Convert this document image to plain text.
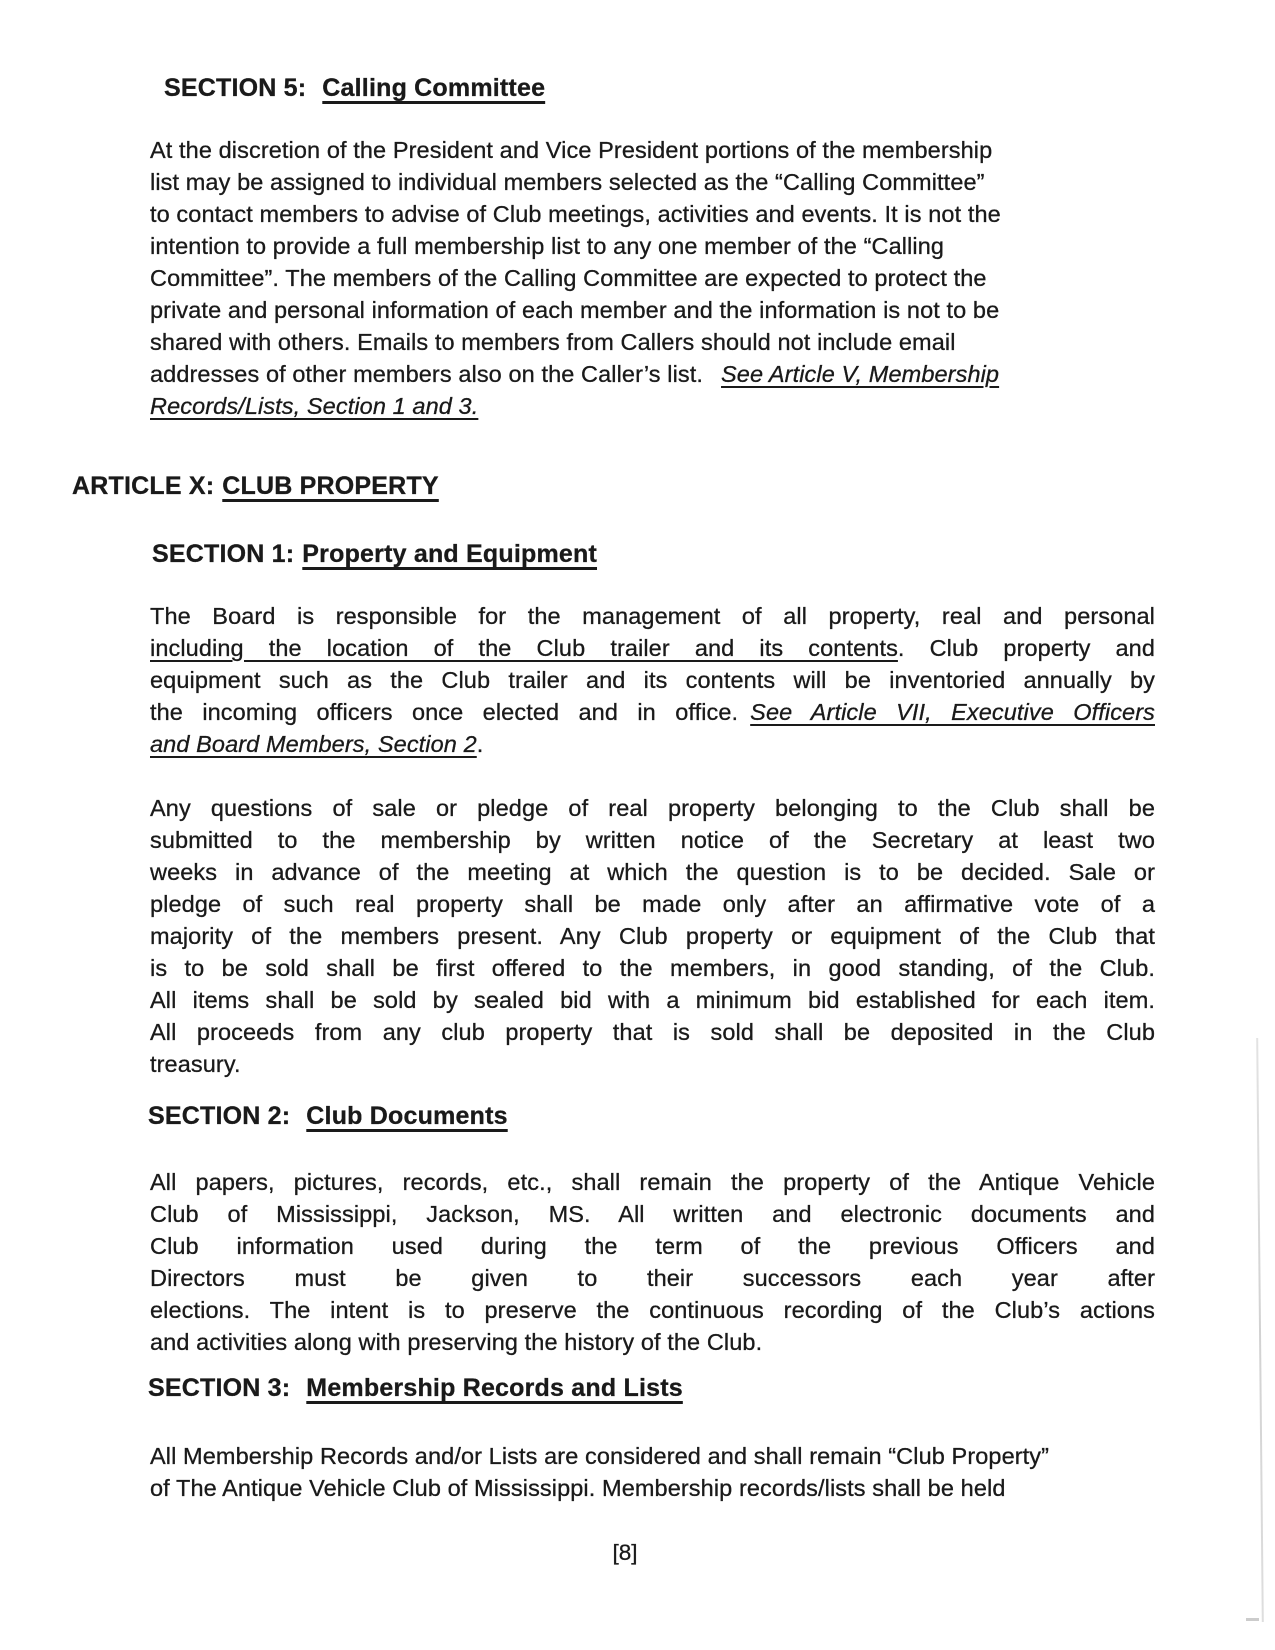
SECTION 5: Calling Committee
At the discretion of the President and Vice President portions of the membership
list may be assigned to individual members selected as the “Calling Committee”
to contact members to advise of Club meetings, activities and events. It is not the
intention to provide a full membership list to any one member of the “Calling
Committee”. The members of the Calling Committee are expected to protect the
private and personal information of each member and the information is not to be
shared with others. Emails to members from Callers should not include email
addresses of other members also on the Caller’s list. See Article V, Membership
Records/Lists, Section 1 and 3.
ARTICLE X: CLUB PROPERTY
SECTION 1: Property and Equipment
The Board is responsible for the management of all property, real and personal
including the location of the Club trailer and its contents. Club property and
equipment such as the Club trailer and its contents will be inventoried annually by
the incoming officers once elected and in office. See Article VII, Executive Officers
and Board Members, Section 2.
Any questions of sale or pledge of real property belonging to the Club shall be
submitted to the membership by written notice of the Secretary at least two
weeks in advance of the meeting at which the question is to be decided. Sale or
pledge of such real property shall be made only after an affirmative vote of a
majority of the members present. Any Club property or equipment of the Club that
is to be sold shall be first offered to the members, in good standing, of the Club.
All items shall be sold by sealed bid with a minimum bid established for each item.
All proceeds from any club property that is sold shall be deposited in the Club
treasury.
SECTION 2: Club Documents
All papers, pictures, records, etc., shall remain the property of the Antique Vehicle
Club of Mississippi, Jackson, MS. All written and electronic documents and
Club information used during the term of the previous Officers and
Directors must be given to their successors each year after
elections. The intent is to preserve the continuous recording of the Club’s actions
and activities along with preserving the history of the Club.
SECTION 3: Membership Records and Lists
All Membership Records and/or Lists are considered and shall remain “Club Property”
of The Antique Vehicle Club of Mississippi. Membership records/lists shall be held
[8]
